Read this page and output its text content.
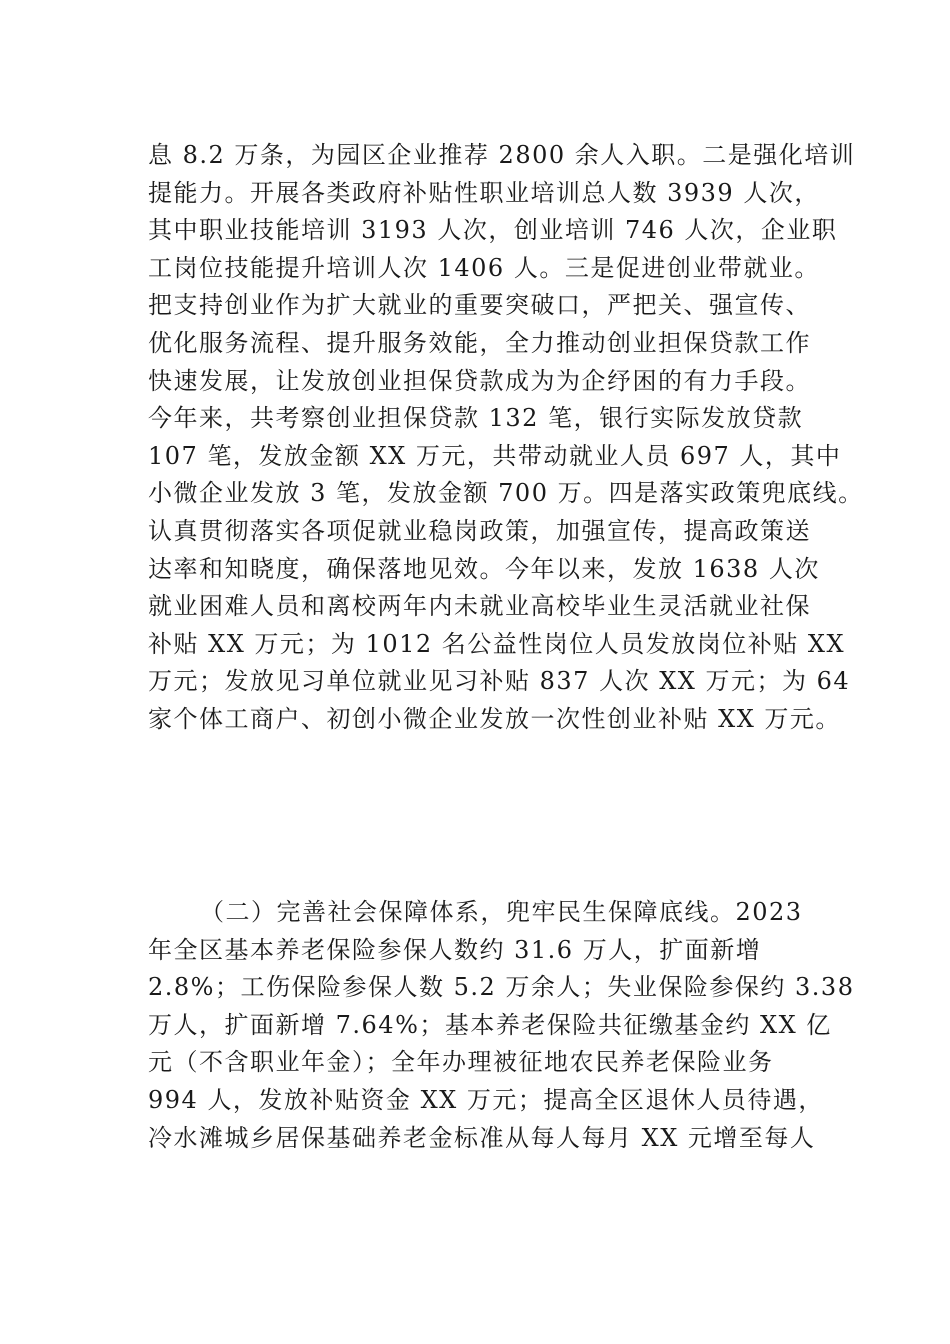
息 8.2 万条，为园区企业推荐 2800 余人入职。二是强化培训
提能力。开展各类政府补贴性职业培训总人数 3939 人次，
其中职业技能培训 3193 人次，创业培训 746 人次，企业职
工岗位技能提升培训人次 1406 人。三是促进创业带就业。
把支持创业作为扩大就业的重要突破口，严把关、强宣传、
优化服务流程、提升服务效能，全力推动创业担保贷款工作
快速发展，让发放创业担保贷款成为为企纾困的有力手段。
今年来，共考察创业担保贷款 132 笔，银行实际发放贷款
107 笔，发放金额 XX 万元，共带动就业人员 697 人，其中
小微企业发放 3 笔，发放金额 700 万。四是落实政策兜底线。
认真贯彻落实各项促就业稳岗政策，加强宣传，提高政策送
达率和知晓度，确保落地见效。今年以来，发放 1638 人次
就业困难人员和离校两年内未就业高校毕业生灵活就业社保
补贴 XX 万元；为 1012 名公益性岗位人员发放岗位补贴 XX
万元；发放见习单位就业见习补贴 837 人次 XX 万元；为 64
家个体工商户、初创小微企业发放一次性创业补贴 XX 万元。
（二）完善社会保障体系，兜牢民生保障底线。2023
年全区基本养老保险参保人数约 31.6 万人，扩面新增
2.8%；工伤保险参保人数 5.2 万余人；失业保险参保约 3.38
万人，扩面新增 7.64%；基本养老保险共征缴基金约 XX 亿
元（不含职业年金）；全年办理被征地农民养老保险业务
994 人，发放补贴资金 XX 万元；提高全区退休人员待遇，
冷水滩城乡居保基础养老金标准从每人每月 XX 元增至每人
